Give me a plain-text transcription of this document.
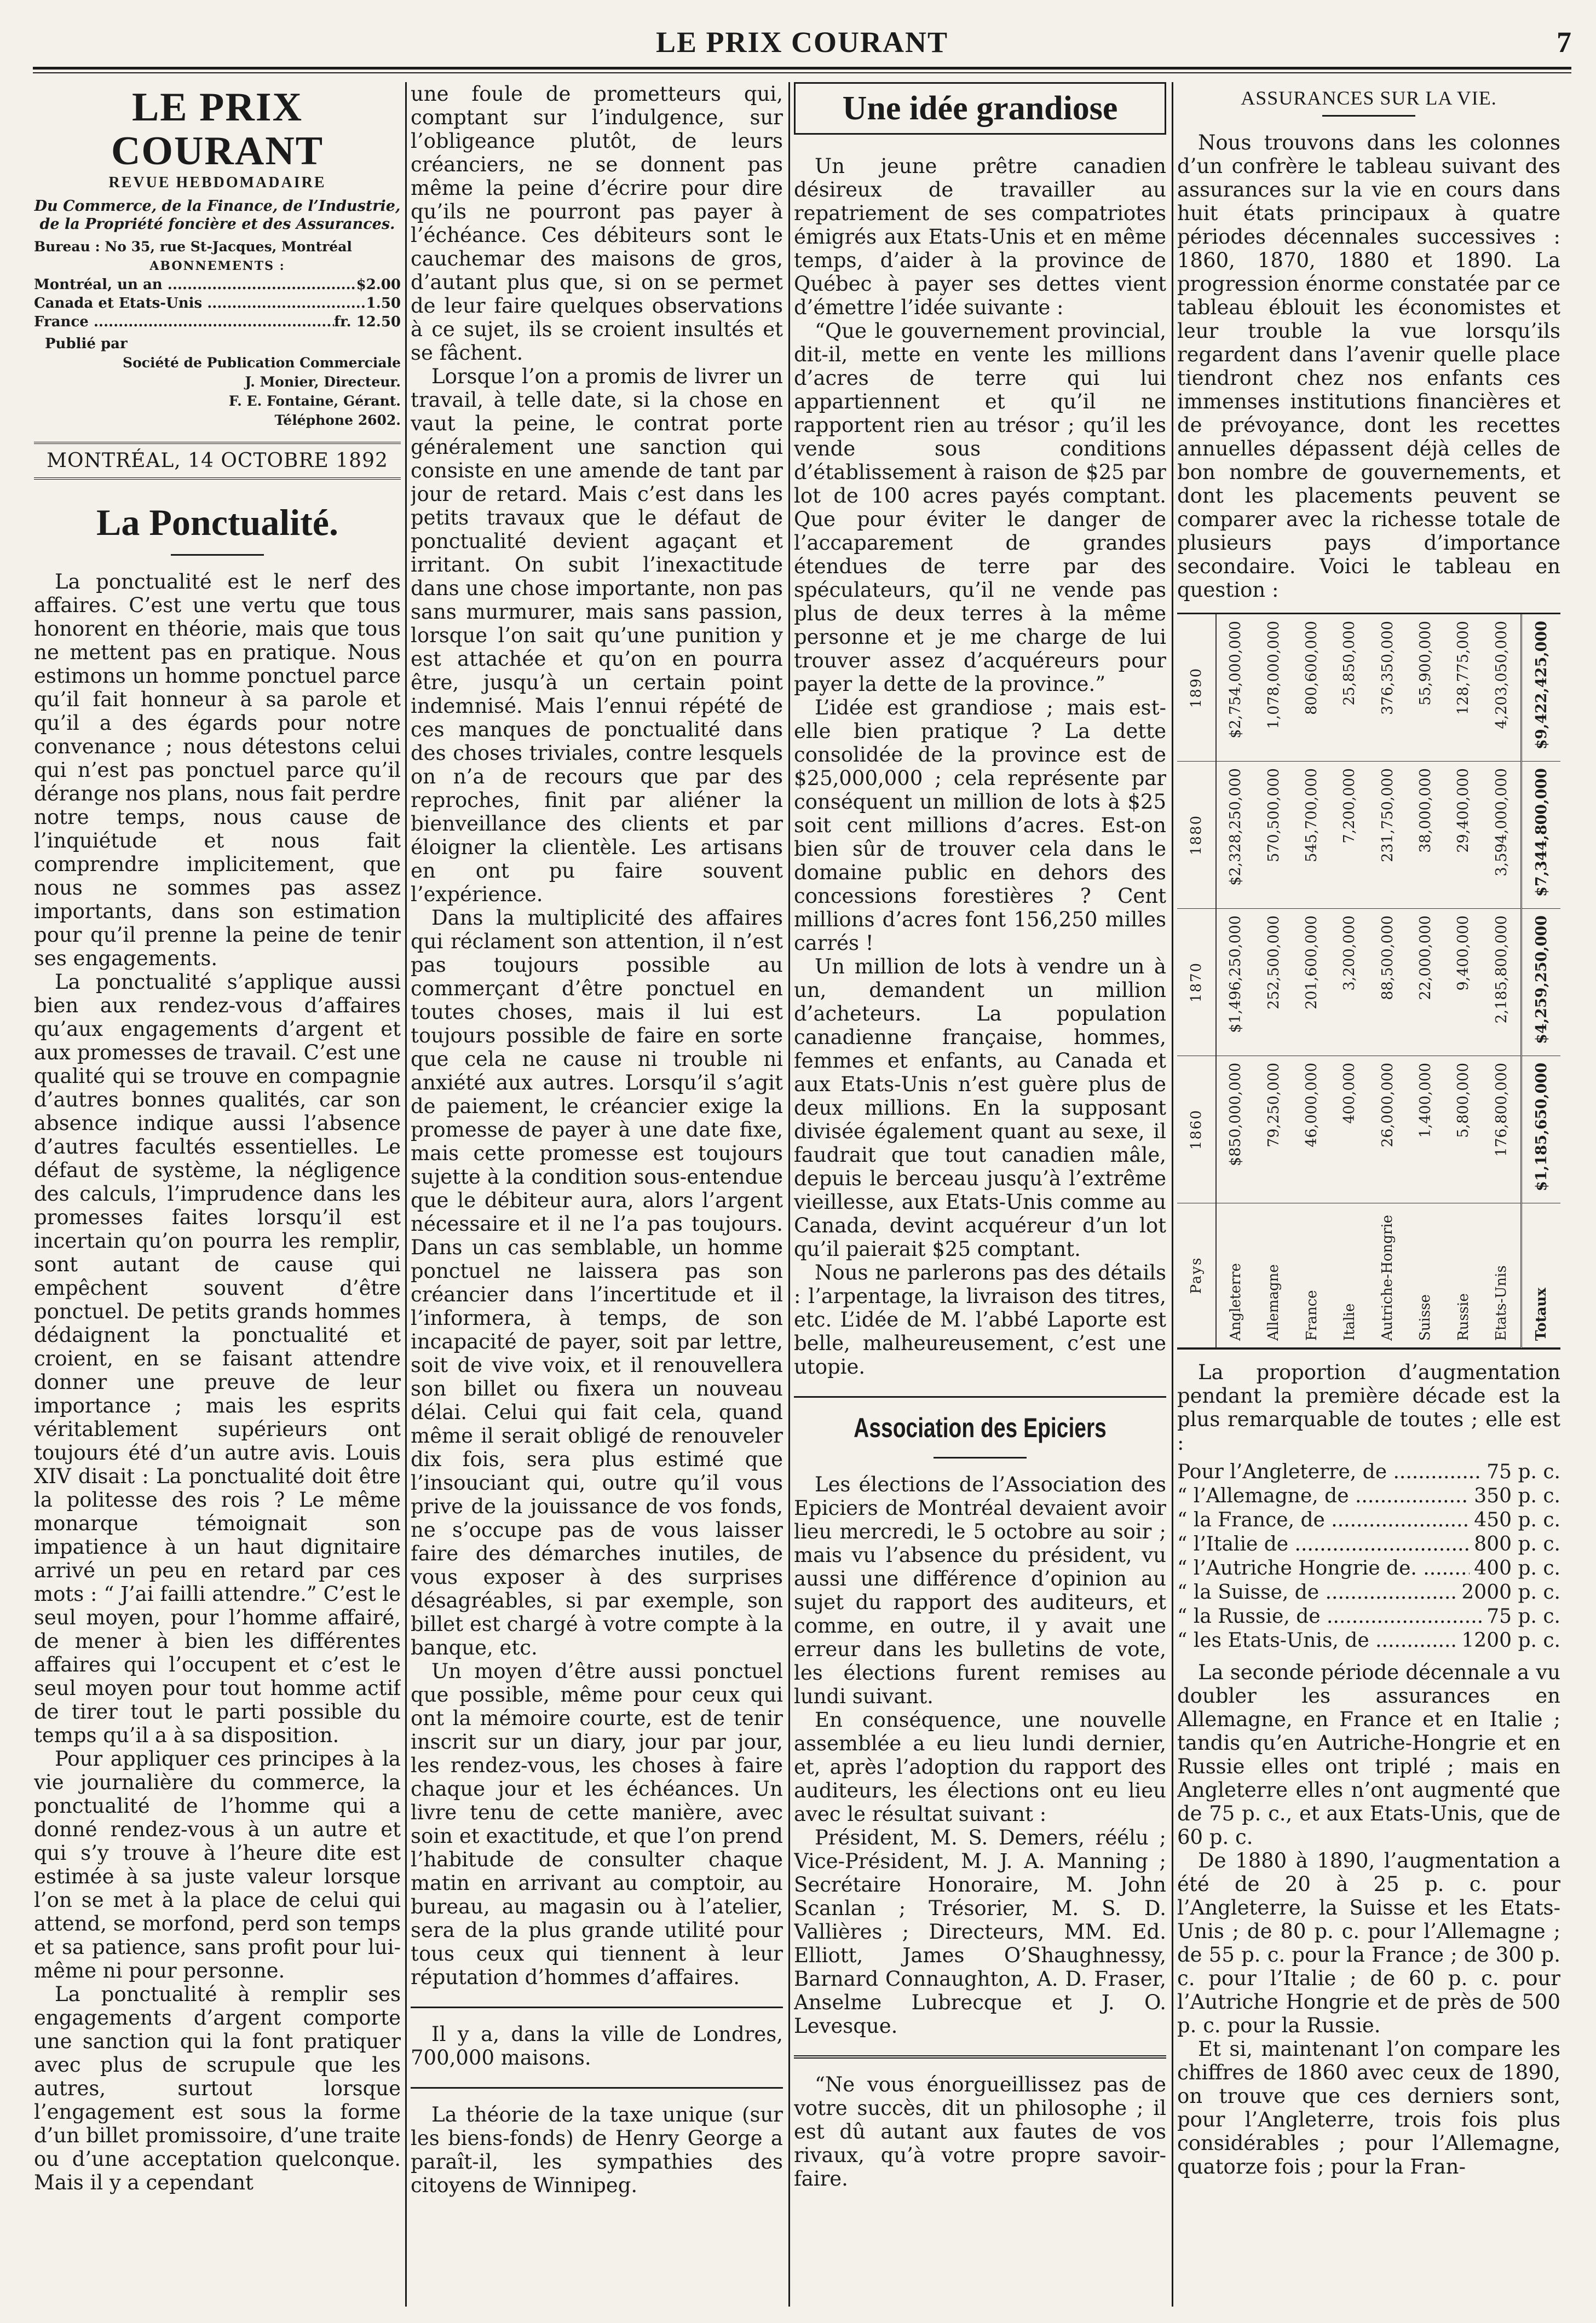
LE PRIX COURANT	7
LE PRIX COURANT
REVUE HEBDOMADAIRE
Du Commerce, de la Finance, de l’Industrie, de la Propriété foncière et des Assurances.
Bureau : No 35, rue St-Jacques, Montréal
ABONNEMENTS :
Montréal, un an .....	$2.00
Canada et Etats-Unis .....	1.50
France .....	fr. 12.50
Publié par
Société de Publication Commerciale
J. Monier, Directeur.
F. E. Fontaine, Gérant.
Téléphone 2602.
MONTRÉAL, 14 OCTOBRE 1892
La Ponctualité.

La ponctualité est le nerf des affaires. C’est une vertu que tous honorent en théorie, mais que tous ne mettent pas en pratique. Nous estimons un homme ponctuel parce qu’il fait honneur à sa parole et qu’il a des égards pour notre convenance ; nous détestons celui qui n’est pas ponctuel parce qu’il dérange nos plans, nous fait perdre notre temps, nous cause de l’inquiétude et nous fait comprendre implicitement, que nous ne sommes pas assez importants, dans son estimation pour qu’il prenne la peine de tenir ses engagements.

La ponctualité s’applique aussi bien aux rendez-vous d’affaires qu’aux engagements d’argent et aux promesses de travail. C’est une qualité qui se trouve en compagnie d’autres bonnes qualités, car son absence indique aussi l’absence d’autres facultés essentielles. Le défaut de système, la négligence des calculs, l’imprudence dans les promesses faites lorsqu’il est incertain qu’on pourra les remplir, sont autant de cause qui empêchent souvent d’être ponctuel. De petits grands hommes dédaignent la ponctualité et croient, en se faisant attendre donner une preuve de leur importance ; mais les esprits véritablement supérieurs ont toujours été d’un autre avis. Louis XIV disait : La ponctualité doit être la politesse des rois ? Le même monarque témoignait son impatience à un haut dignitaire arrivé un peu en retard par ces mots : “ J’ai failli attendre.” C’est le seul moyen, pour l’homme affairé, de mener à bien les différentes affaires qui l’occupent et c’est le seul moyen pour tout homme actif de tirer tout le parti possible du temps qu’il a à sa disposition.

Pour appliquer ces principes à la vie journalière du commerce, la ponctualité de l’homme qui a donné rendez-vous à un autre et qui s’y trouve à l’heure dite est estimée à sa juste valeur lorsque l’on se met à la place de celui qui attend, se morfond, perd son temps et sa patience, sans profit pour lui-même ni pour personne.

La ponctualité à remplir ses engagements d’argent comporte une sanction qui la font pratiquer avec plus de scrupule que les autres, surtout lorsque l’engagement est sous la forme d’un billet promissoire, d’une traite ou d’une acceptation quelconque. Mais il y a cependant

une foule de prometteurs qui, comptant sur l’indulgence, sur l’obligeance plutôt, de leurs créanciers, ne se donnent pas même la peine d’écrire pour dire qu’ils ne pourront pas payer à l’échéance. Ces débiteurs sont le cauchemar des maisons de gros, d’autant plus que, si on se permet de leur faire quelques observations à ce sujet, ils se croient insultés et se fâchent.

Lorsque l’on a promis de livrer un travail, à telle date, si la chose en vaut la peine, le contrat porte généralement une sanction qui consiste en une amende de tant par jour de retard. Mais c’est dans les petits travaux que le défaut de ponctualité devient agaçant et irritant. On subit l’inexactitude dans une chose importante, non pas sans murmurer, mais sans passion, lorsque l’on sait qu’une punition y est attachée et qu’on en pourra être, jusqu’à un certain point indemnisé. Mais l’ennui répété de ces manques de ponctualité dans des choses triviales, contre lesquels on n’a de recours que par des reproches, finit par aliéner la bienveillance des clients et par éloigner la clientèle. Les artisans en ont pu faire souvent l’expérience.

Dans la multiplicité des affaires qui réclament son attention, il n’est pas toujours possible au commerçant d’être ponctuel en toutes choses, mais il lui est toujours possible de faire en sorte que cela ne cause ni trouble ni anxiété aux autres. Lorsqu’il s’agit de paiement, le créancier exige la promesse de payer à une date fixe, mais cette promesse est toujours sujette à la condition sous-entendue que le débiteur aura, alors l’argent nécessaire et il ne l’a pas toujours. Dans un cas semblable, un homme ponctuel ne laissera pas son créancier dans l’incertitude et il l’informera, à temps, de son incapacité de payer, soit par lettre, soit de vive voix, et il renouvellera son billet ou fixera un nouveau délai. Celui qui fait cela, quand même il serait obligé de renouveler dix fois, sera plus estimé que l’insouciant qui, outre qu’il vous prive de la jouissance de vos fonds, ne s’occupe pas de vous laisser faire des démarches inutiles, de vous exposer à des surprises désagréables, si par exemple, son billet est chargé à votre compte à la banque, etc.

Un moyen d’être aussi ponctuel que possible, même pour ceux qui ont la mémoire courte, est de tenir inscrit sur un diary, jour par jour, les rendez-vous, les choses à faire chaque jour et les échéances. Un livre tenu de cette manière, avec soin et exactitude, et que l’on prend l’habitude de consulter chaque matin en arrivant au comptoir, au bureau, au magasin ou à l’atelier, sera de la plus grande utilité pour tous ceux qui tiennent à leur réputation d’hommes d’affaires.

Il y a, dans la ville de Londres, 700,000 maisons.

La théorie de la taxe unique (sur les biens-fonds) de Henry George a paraît-il, les sympathies des citoyens de Winnipeg.

Une idée grandiose

Un jeune prêtre canadien désireux de travailler au repatriement de ses compatriotes émigrés aux Etats-Unis et en même temps, d’aider à la province de Québec à payer ses dettes vient d’émettre l’idée suivante :

“Que le gouvernement provincial, dit-il, mette en vente les millions d’acres de terre qui lui appartiennent et qu’il ne rapportent rien au trésor ; qu’il les vende sous conditions d’établissement à raison de $25 par lot de 100 acres payés comptant. Que pour éviter le danger de l’accaparement de grandes étendues de terre par des spéculateurs, qu’il ne vende pas plus de deux terres à la même personne et je me charge de lui trouver assez d’acquéreurs pour payer la dette de la province.”

L’idée est grandiose ; mais est-elle bien pratique ? La dette consolidée de la province est de $25,000,000 ; cela représente par conséquent un million de lots à $25 soit cent millions d’acres. Est-on bien sûr de trouver cela dans le domaine public en dehors des concessions forestières ? Cent millions d’acres font 156,250 milles carrés !

Un million de lots à vendre un à un, demandent un million d’acheteurs. La population canadienne française, hommes, femmes et enfants, au Canada et aux Etats-Unis n’est guère plus de deux millions. En la supposant divisée également quant au sexe, il faudrait que tout canadien mâle, depuis le berceau jusqu’à l’extrême vieillesse, aux Etats-Unis comme au Canada, devint acquéreur d’un lot qu’il paierait $25 comptant.

Nous ne parlerons pas des détails : l’arpentage, la livraison des titres, etc. L’idée de M. l’abbé Laporte est belle, malheureusement, c’est une utopie.

Association des Epiciers

Les élections de l’Association des Epiciers de Montréal devaient avoir lieu mercredi, le 5 octobre au soir ; mais vu l’absence du président, vu aussi une différence d’opinion au sujet du rapport des auditeurs, et comme, en outre, il y avait une erreur dans les bulletins de vote, les élections furent remises au lundi suivant.

En conséquence, une nouvelle assemblée a eu lieu lundi dernier, et, après l’adoption du rapport des auditeurs, les élections ont eu lieu avec le résultat suivant :

Président, M. S. Demers, réélu ; Vice-Président, M. J. A. Manning ; Secrétaire Honoraire, M. John Scanlan ; Trésorier, M. S. D. Vallières ; Directeurs, MM. Ed. Elliott, James O’Shaughnessy, Barnard Connaughton, A. D. Fraser, Anselme Lubrecque et J. O. Levesque.

“Ne vous énorgueillissez pas de votre succès, dit un philosophe ; il est dû autant aux fautes de vos rivaux, qu’à votre propre savoir-faire.

ASSURANCES SUR LA VIE.

Nous trouvons dans les colonnes d’un confrère le tableau suivant des assurances sur la vie en cours dans huit états principaux à quatre périodes décennales successives : 1860, 1870, 1880 et 1890. La progression énorme constatée par ce tableau éblouit les économistes et leur trouble la vue lorsqu’ils regardent dans l’avenir quelle place tiendront chez nos enfants ces immenses institutions financières et de prévoyance, dont les recettes annuelles dépassent déjà celles de bon nombre de gouvernements, et dont les placements peuvent se comparer avec la richesse totale de plusieurs pays d’importance secondaire. Voici le tableau en question :

Pays	1860	1870	1880	1890
Angleterre	$850,000,000	$1,496,250,000	$2,328,250,000	$2,754,000,000
Allemagne	79,250,000	252,500,000	570,500,000	1,078,000,000
France	46,000,000	201,600,000	545,700,000	800,600,000
Italie	400,000	3,200,000	7,200,000	25,850,000
Autriche-Hongrie	26,000,000	88,500,000	231,750,000	376,350,000
Suisse	1,400,000	22,000,000	38,000,000	55,900,000
Russie	5,800,000	9,400,000	29,400,000	128,775,000
Etats-Unis	176,800,000	2,185,800,000	3,594,000,000	4,203,050,000
Totaux	$1,185,650,000	$4,259,250,000	$7,344,800,000	$9,422,425,000

La proportion d’augmentation pendant la première décade est la plus remarquable de toutes ; elle est :

Pour l’Angleterre, de .....	75 p. c.
“ l’Allemagne, de .....	350 p. c.
“ la France, de .....	450 p. c.
“ l’Italie de .....	800 p. c.
“ l’Autriche Hongrie de. .....	400 p. c.
“ la Suisse, de .....	2000 p. c.
“ la Russie, de .....	75 p. c.
“ les Etats-Unis, de .....	1200 p. c.

La seconde période décennale a vu doubler les assurances en Allemagne, en France et en Italie ; tandis qu’en Autriche-Hongrie et en Russie elles ont triplé ; mais en Angleterre elles n’ont augmenté que de 75 p. c., et aux Etats-Unis, que de 60 p. c.

De 1880 à 1890, l’augmentation a été de 20 à 25 p. c. pour l’Angleterre, la Suisse et les Etats-Unis ; de 80 p. c. pour l’Allemagne ; de 55 p. c. pour la France ; de 300 p. c. pour l’Italie ; de 60 p. c. pour l’Autriche Hongrie et de près de 500 p. c. pour la Russie.

Et si, maintenant l’on compare les chiffres de 1860 avec ceux de 1890, on trouve que ces derniers sont, pour l’Angleterre, trois fois plus considérables ; pour l’Allemagne, quatorze fois ; pour la Fran-
